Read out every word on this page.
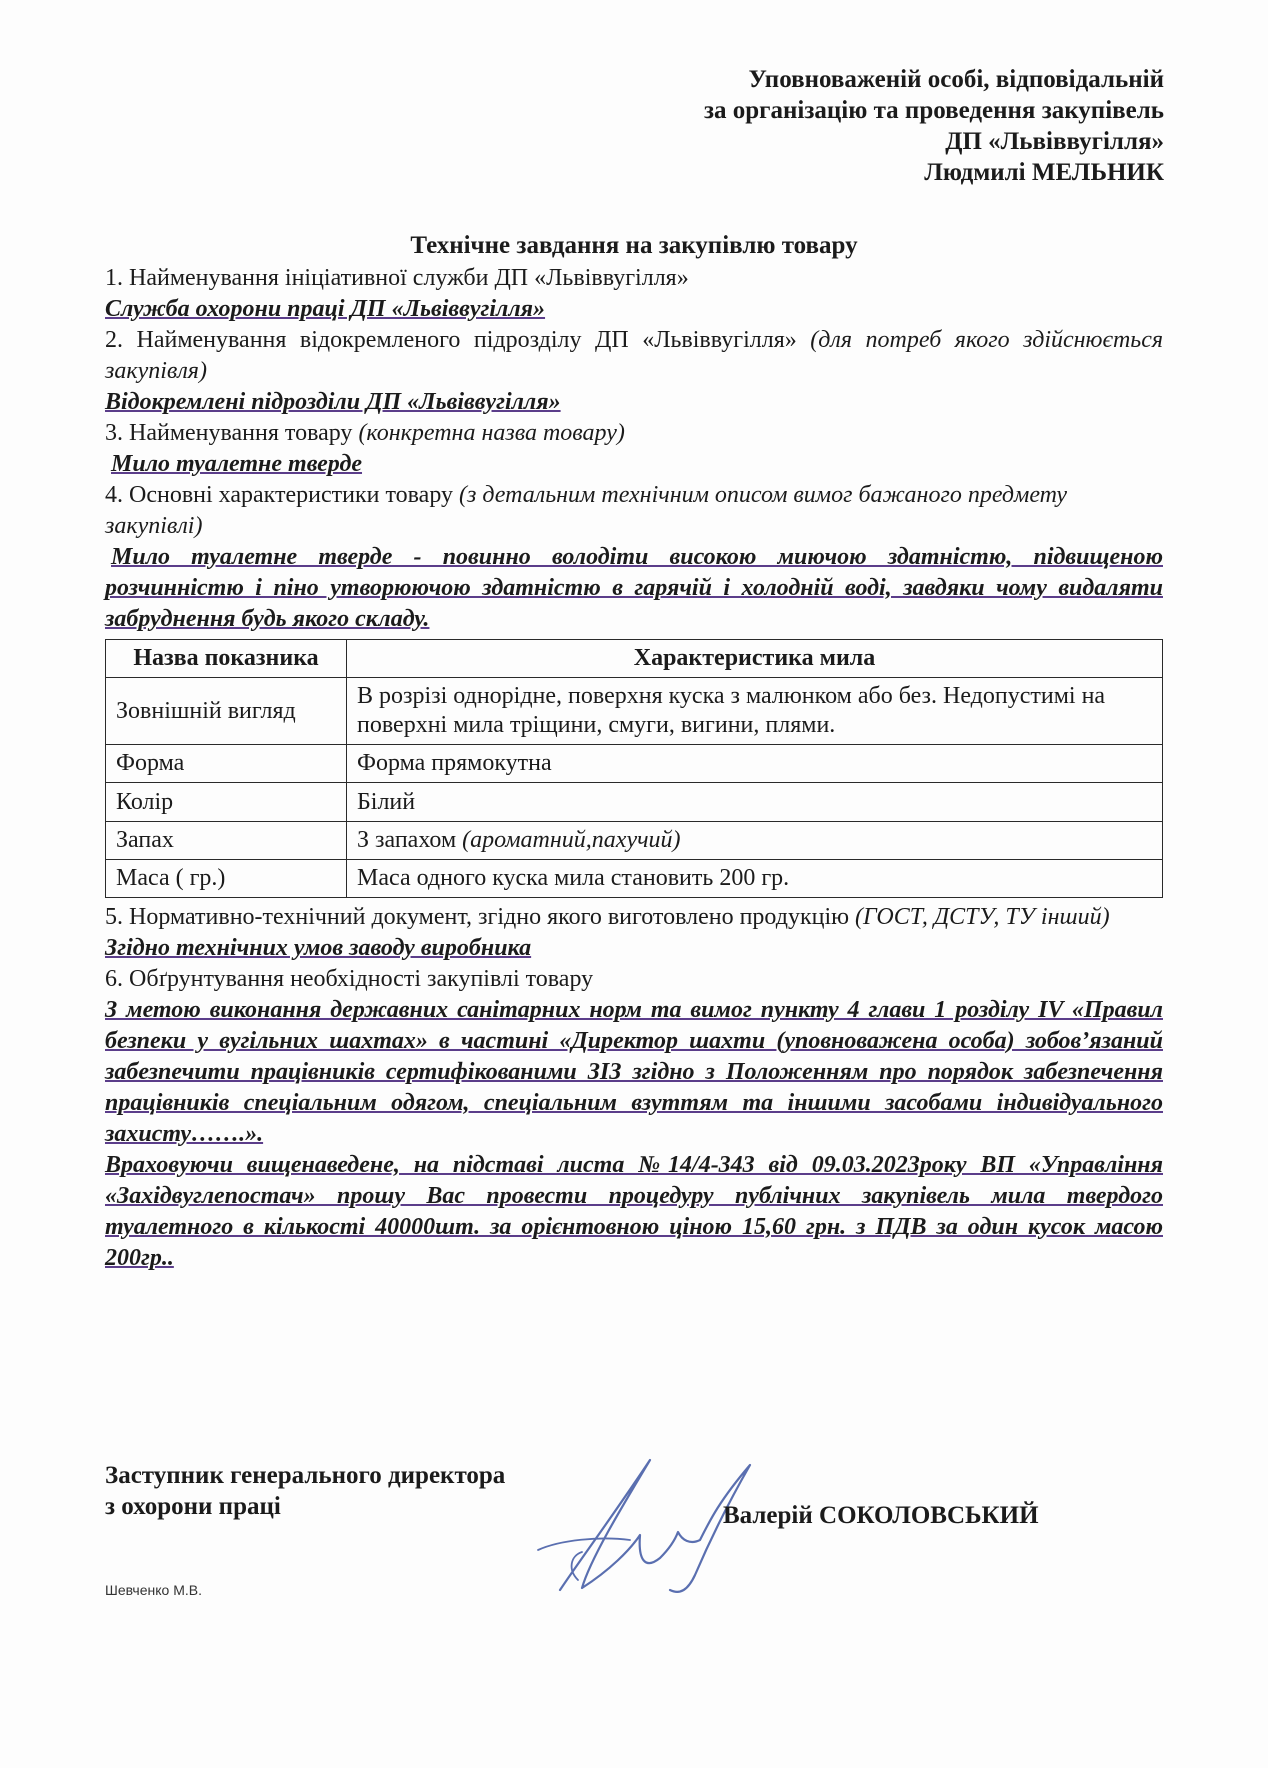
Уповноваженій особі, відповідальній
за організацію та проведення закупівель
ДП «Львіввугілля»
Людмилі МЕЛЬНИК
Технічне завдання на закупівлю товару
1. Найменування ініціативної служби ДП «Львіввугілля»
Служба охорони праці ДП «Львіввугілля»
2. Найменування відокремленого підрозділу ДП «Львіввугілля» (для потреб якого здійснюється закупівля)
Відокремлені підрозділи ДП «Львіввугілля»
3. Найменування товару (конкретна назва товару)
Мило туалетне тверде
4. Основні характеристики товару (з детальним технічним описом вимог бажаного предмету закупівлі)
Мило туалетне тверде - повинно володіти високою миючою здатністю, підвищеною розчинністю і піно утворюючою здатністю в гарячій і холодній воді, завдяки чому видаляти забруднення будь якого складу.
Назва показника	Характеристика мила
Зовнішній вигляд	В розрізі однорідне, поверхня куска з малюнком або без. Недопустимі на поверхні мила тріщини, смуги, вигини, плями.
Форма	Форма прямокутна
Колір	Білий
Запах	З запахом (ароматний,пахучий)
Маса ( гр.)	Маса одного куска мила становить 200 гр.
5. Нормативно-технічний документ, згідно якого виготовлено продукцію (ГОСТ, ДСТУ, ТУ інший)
Згідно технічних умов заводу виробника
6. Обґрунтування необхідності закупівлі товару
З метою виконання державних санітарних норм та вимог пункту 4 глави 1 розділу IV «Правил безпеки у вугільних шахтах» в частині «Директор шахти (уповноважена особа) зобов’язаний забезпечити працівників сертифікованими ЗІЗ згідно з Положенням про порядок забезпечення працівників спеціальним одягом, спеціальним взуттям та іншими засобами індивідуального захисту…….».
Враховуючи вищенаведене, на підставі листа №14/4-343 від 09.03.2023року ВП «Управління «Західвуглепостач» прошу Вас провести процедуру публічних закупівель мила твердого туалетного в кількості 40000шт. за орієнтовною ціною 15,60 грн. з ПДВ за один кусок масою 200гр..
Заступник генерального директора
з охорони праці	Валерій СОКОЛОВСЬКИЙ
Шевченко М.В.
